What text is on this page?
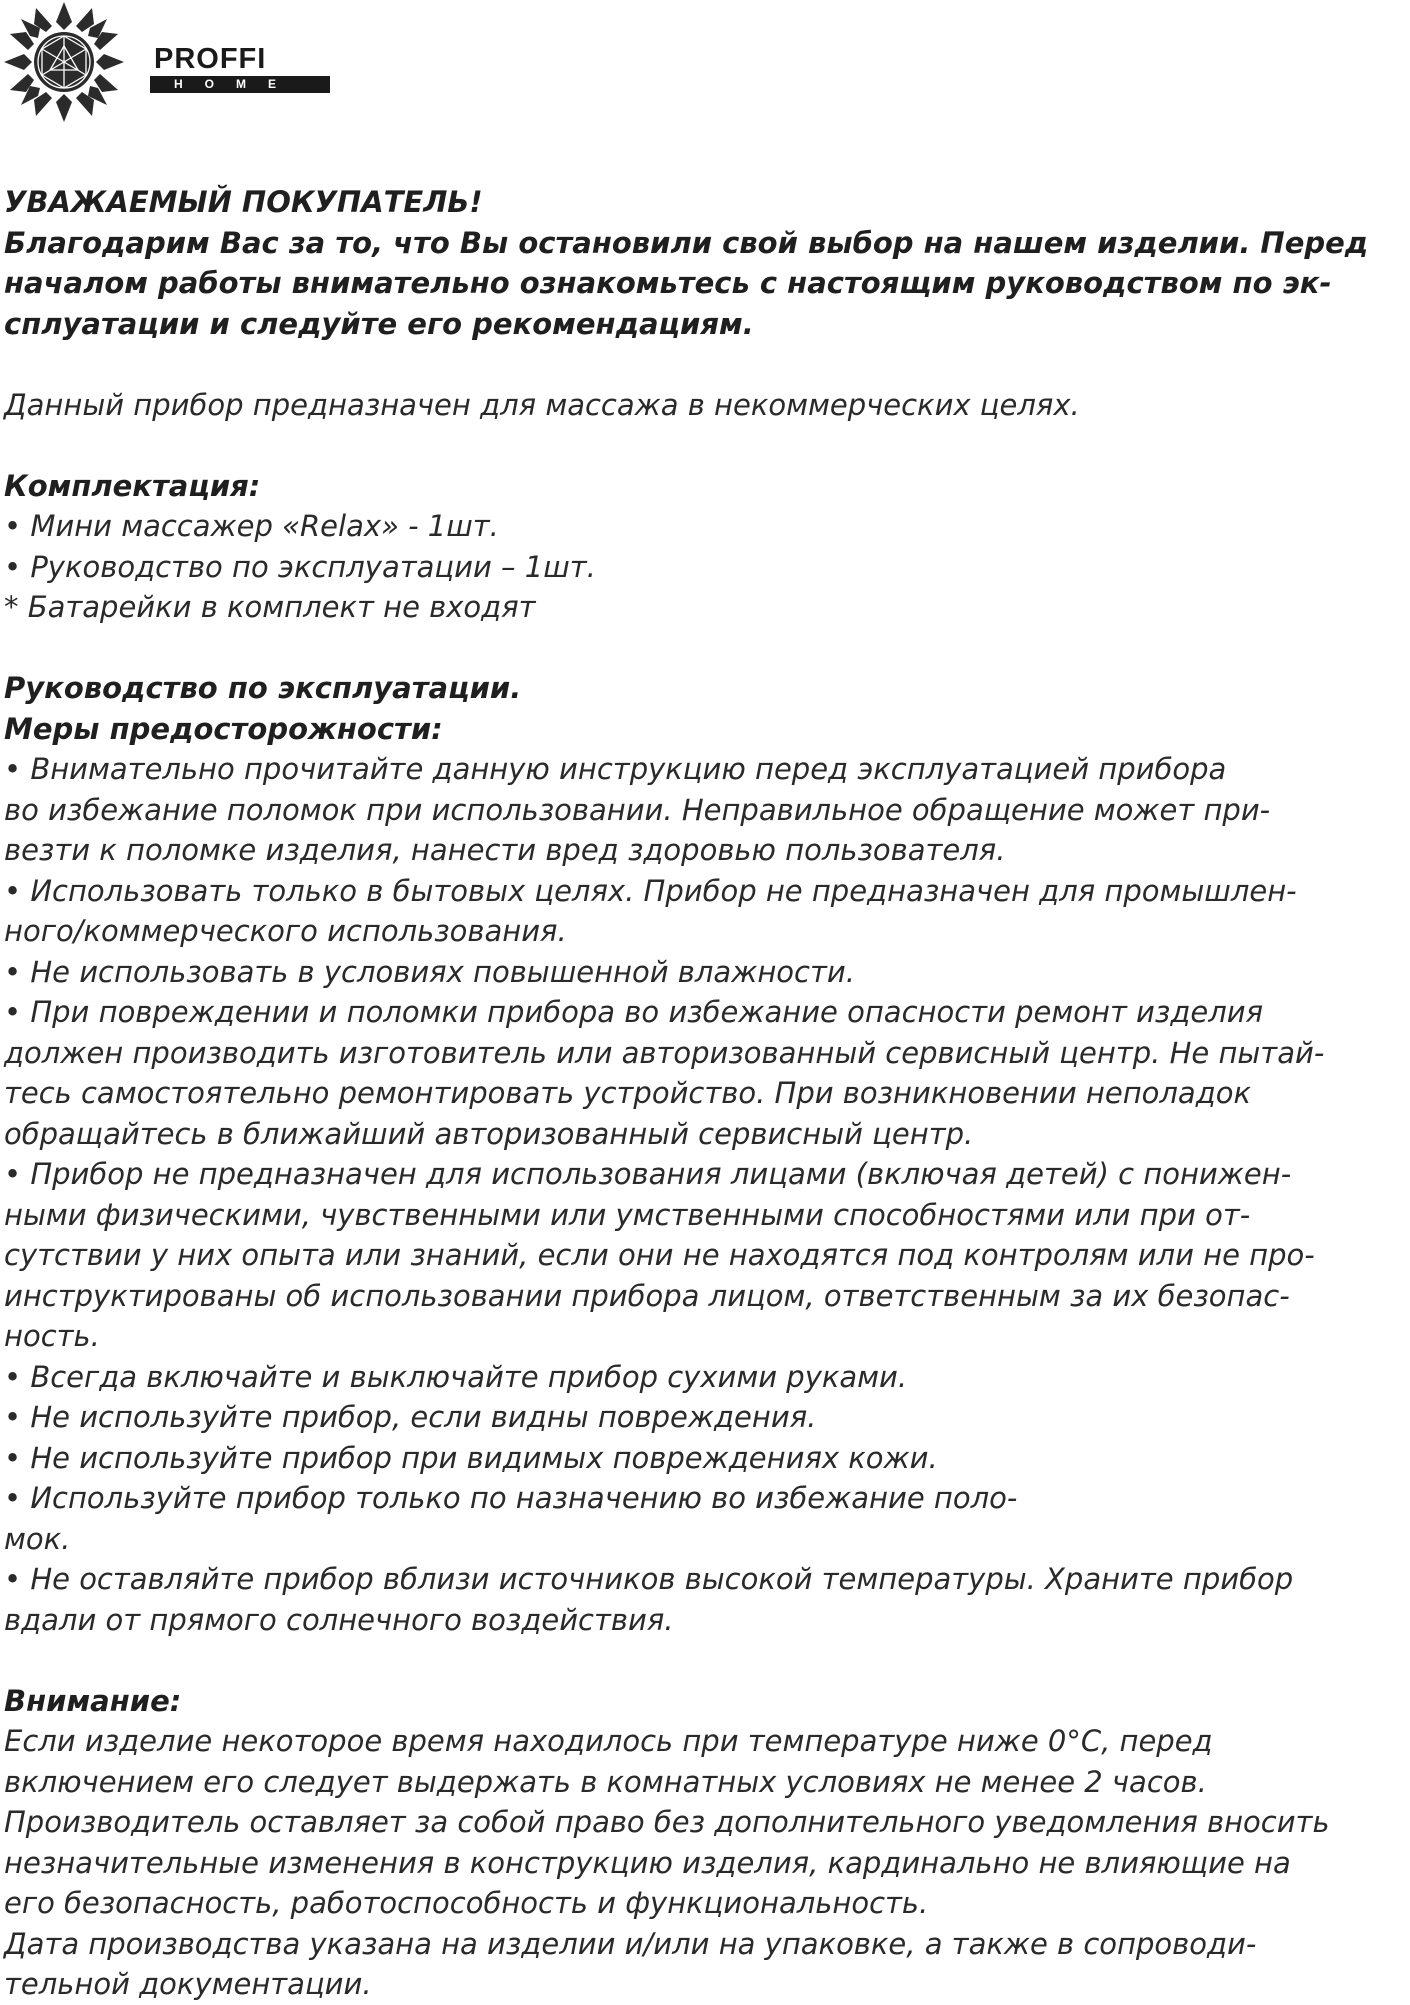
PROFFI
HOME

УВАЖАЕМЫЙ ПОКУПАТЕЛЬ!

Благодарим Вас за то, что Вы остановили свой выбор на нашем изделии. Перед

началом работы внимательно ознакомьтесь с настоящим руководством по эк-

сплуатации и следуйте его рекомендациям.

Данный прибор предназначен для массажа в некоммерческих целях.

Комплектация:

• Мини массажер «Relax» - 1шт.

• Руководство по эксплуатации – 1шт.

* Батарейки в комплект не входят

Руководство по эксплуатации.

Меры предосторожности:

• Внимательно прочитайте данную инструкцию перед эксплуатацией прибора

во избежание поломок при использовании. Неправильное обращение может при-

везти к поломке изделия, нанести вред здоровью пользователя.

• Использовать только в бытовых целях. Прибор не предназначен для промышлен-

ного/коммерческого использования.

• Не использовать в условиях повышенной влажности.

• При повреждении и поломки прибора во избежание опасности ремонт изделия

должен производить изготовитель или авторизованный сервисный центр. Не пытай-

тесь самостоятельно ремонтировать устройство. При возникновении неполадок

обращайтесь в ближайший авторизованный сервисный центр.

• Прибор не предназначен для использования лицами (включая детей) с понижен-

ными физическими, чувственными или умственными способностями или при от-

сутствии у них опыта или знаний, если они не находятся под контролям или не про-

инструктированы об использовании прибора лицом, ответственным за их безопас-

ность.

• Всегда включайте и выключайте прибор сухими руками.

• Не используйте прибор, если видны повреждения.

• Не используйте прибор при видимых повреждениях кожи.

• Используйте прибор только по назначению во избежание поло-

мок.

• Не оставляйте прибор вблизи источников высокой температуры. Храните прибор

вдали от прямого солнечного воздействия.

Внимание:

Если изделие некоторое время находилось при температуре ниже 0°С, перед

включением его следует выдержать в комнатных условиях не менее 2 часов.

Производитель оставляет за собой право без дополнительного уведомления вносить

незначительные изменения в конструкцию изделия, кардинально не влияющие на

его безопасность, работоспособность и функциональность.

Дата производства указана на изделии и/или на упаковке, а также в сопроводи-

тельной документации.
